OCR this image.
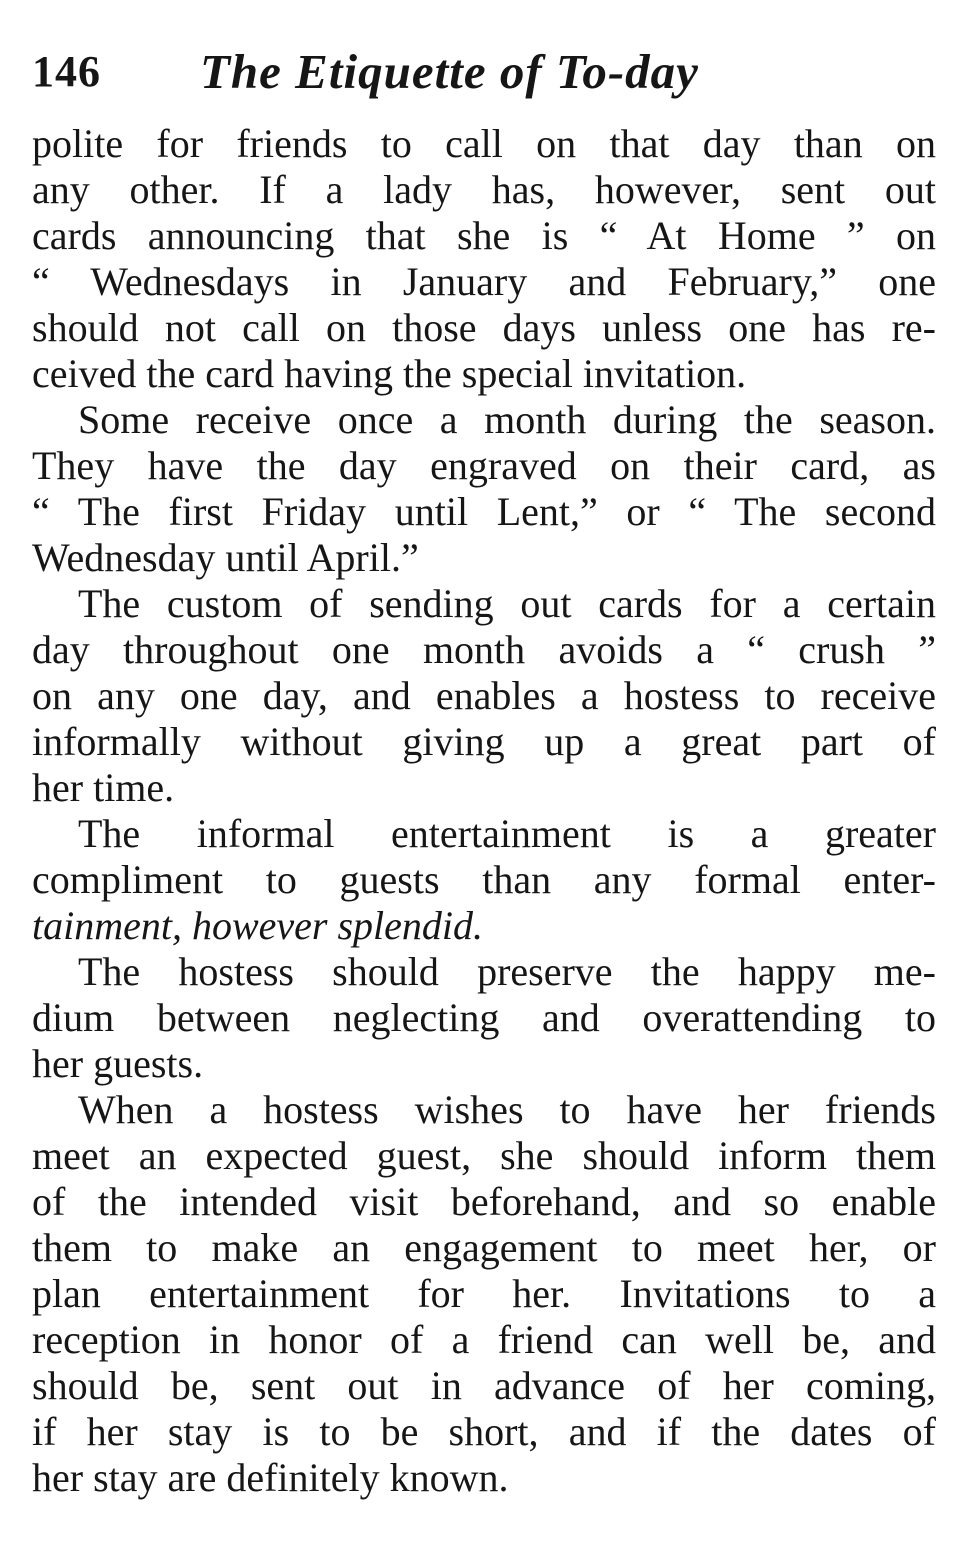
146 The Etiquette of To-day
polite for friends to call on that day than on
any other. If a lady has, however, sent out
cards announcing that she is “ At Home ” on
“ Wednesdays in January and February,” one
should not call on those days unless one has re-
ceived the card having the special invitation.
Some receive once a month during the season.
They have the day engraved on their card, as
“ The first Friday until Lent,” or “ The second
Wednesday until April.”
The custom of sending out cards for a certain
day throughout one month avoids a “ crush ”
on any one day, and enables a hostess to receive
informally without giving up a great part of
her time.
The informal entertainment is a greater
compliment to guests than any formal enter-
tainment, however splendid.
The hostess should preserve the happy me-
dium between neglecting and overattending to
her guests.
When a hostess wishes to have her friends
meet an expected guest, she should inform them
of the intended visit beforehand, and so enable
them to make an engagement to meet her, or
plan entertainment for her. Invitations to a
reception in honor of a friend can well be, and
should be, sent out in advance of her coming,
if her stay is to be short, and if the dates of
her stay are definitely known.
